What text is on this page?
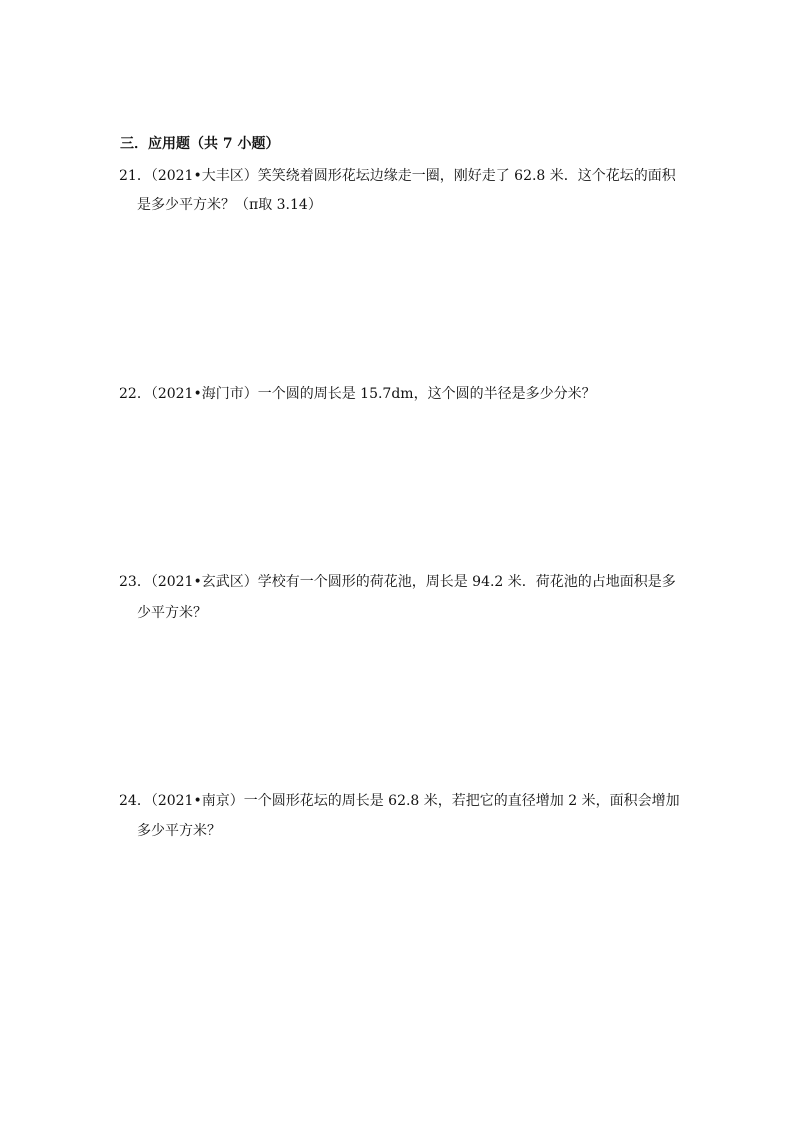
三．应用题（共 7 小题）
21．（2021•大丰区）笑笑绕着圆形花坛边缘走一圈，刚好走了 62.8 米．这个花坛的面积
是多少平方米？（π取 3.14）
22．（2021•海门市）一个圆的周长是 15.7dm，这个圆的半径是多少分米？
23．（2021•玄武区）学校有一个圆形的荷花池，周长是 94.2 米．荷花池的占地面积是多
少平方米？
24．（2021•南京）一个圆形花坛的周长是 62.8 米，若把它的直径增加 2 米，面积会增加
多少平方米？
